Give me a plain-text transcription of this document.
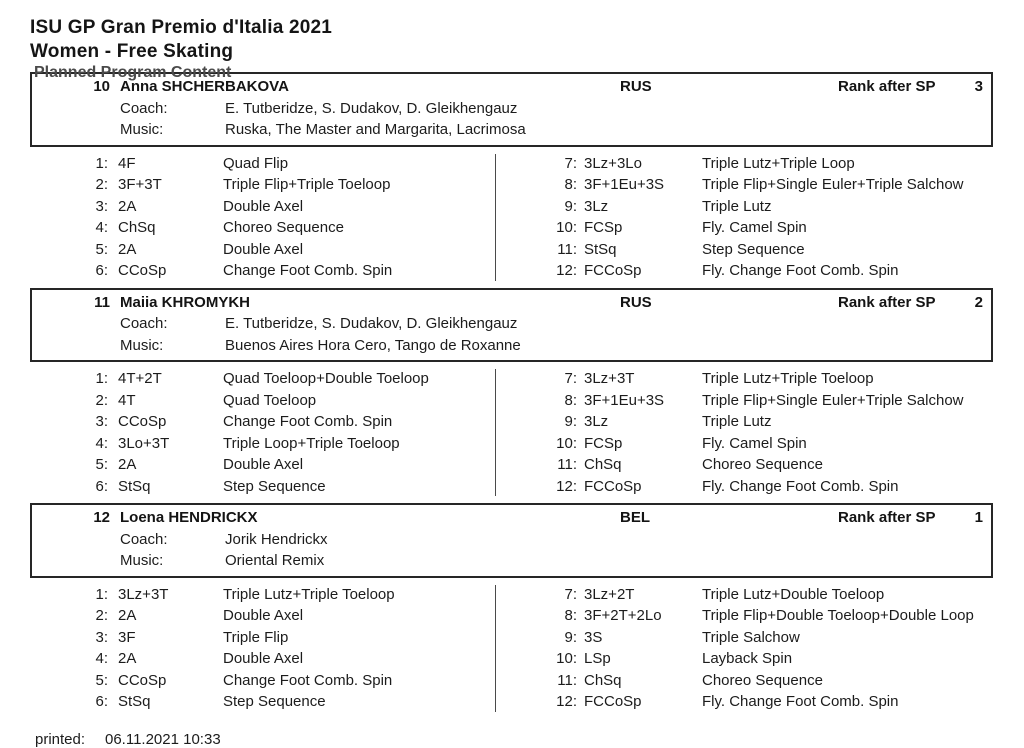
ISU GP Gran Premio d'Italia 2021
Women - Free Skating
10 Anna SHCHERBAKOVA	RUS	Rank after SP	3
Coach:	E. Tutberidze, S. Dudakov, D. Gleikhengauz
Music:	Ruska, The Master and Margarita, Lacrimosa
1: 4F	Quad Flip
2: 3F+3T	Triple Flip+Triple Toeloop
3: 2A	Double Axel
4: ChSq	Choreo Sequence
5: 2A	Double Axel
6: CCoSp	Change Foot Comb. Spin
7: 3Lz+3Lo	Triple Lutz+Triple Loop
8: 3F+1Eu+3S	Triple Flip+Single Euler+Triple Salchow
9: 3Lz	Triple Lutz
10: FCSp	Fly. Camel Spin
11: StSq	Step Sequence
12: FCCoSp	Fly. Change Foot Comb. Spin
11 Maiia KHROMYKH	RUS	Rank after SP	2
Coach:	E. Tutberidze, S. Dudakov, D. Gleikhengauz
Music:	Buenos Aires Hora Cero, Tango de Roxanne
1: 4T+2T	Quad Toeloop+Double Toeloop
2: 4T	Quad Toeloop
3: CCoSp	Change Foot Comb. Spin
4: 3Lo+3T	Triple Loop+Triple Toeloop
5: 2A	Double Axel
6: StSq	Step Sequence
7: 3Lz+3T	Triple Lutz+Triple Toeloop
8: 3F+1Eu+3S	Triple Flip+Single Euler+Triple Salchow
9: 3Lz	Triple Lutz
10: FCSp	Fly. Camel Spin
11: ChSq	Choreo Sequence
12: FCCoSp	Fly. Change Foot Comb. Spin
12 Loena HENDRICKX	BEL	Rank after SP	1
Coach:	Jorik Hendrickx
Music:	Oriental Remix
1: 3Lz+3T	Triple Lutz+Triple Toeloop
2: 2A	Double Axel
3: 3F	Triple Flip
4: 2A	Double Axel
5: CCoSp	Change Foot Comb. Spin
6: StSq	Step Sequence
7: 3Lz+2T	Triple Lutz+Double Toeloop
8: 3F+2T+2Lo	Triple Flip+Double Toeloop+Double Loop
9: 3S	Triple Salchow
10: LSp	Layback Spin
11: ChSq	Choreo Sequence
12: FCCoSp	Fly. Change Foot Comb. Spin
printed:	06.11.2021 10:33
